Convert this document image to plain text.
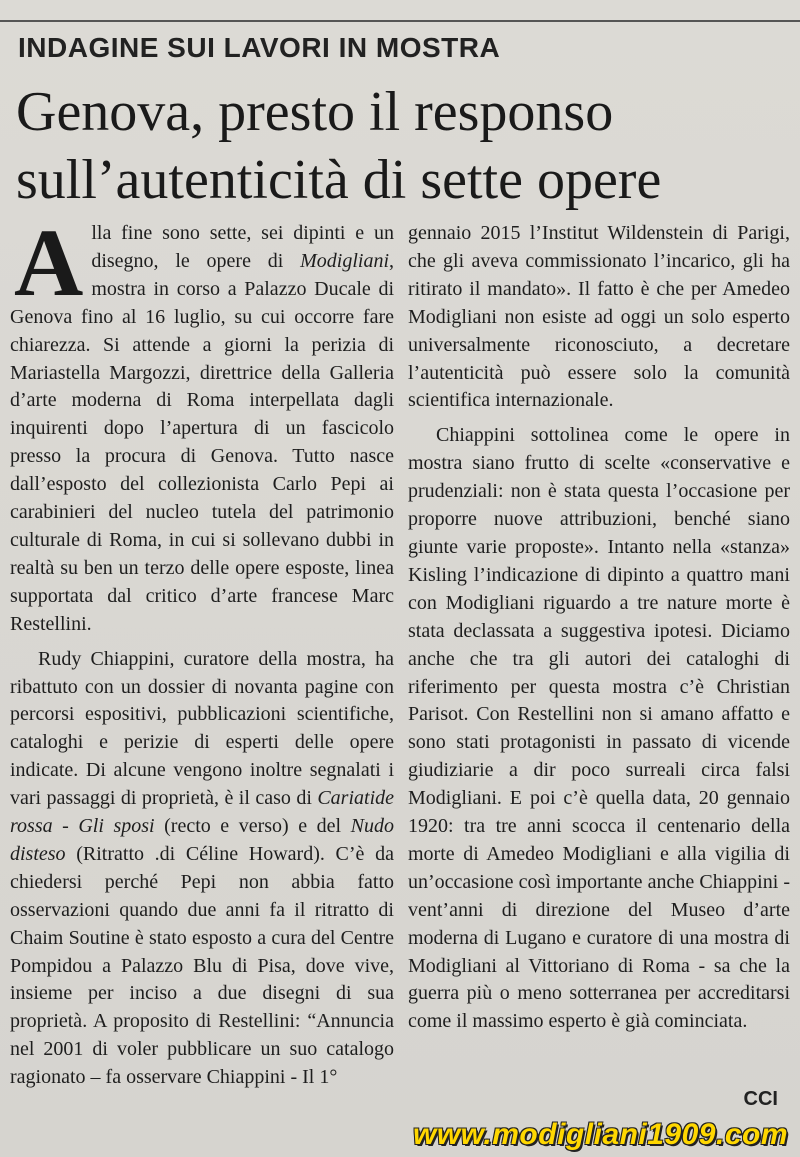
INDAGINE SUI LAVORI IN MOSTRA
Genova, presto il responso
sull’autenticità di sette opere

Alla fine sono sette, sei dipinti e un disegno, le opere di Modigliani, mostra in corso a Palazzo Ducale di Genova fino al 16 luglio, su cui occorre fare chiarezza. Si attende a giorni la perizia di Mariastella Margozzi, direttrice della Galleria d’arte moderna di Roma interpellata dagli inquirenti dopo l’apertura di un fascicolo presso la procura di Genova. Tutto nasce dall’esposto del collezionista Carlo Pepi ai carabinieri del nucleo tutela del patrimonio culturale di Roma, in cui si sollevano dubbi in realtà su ben un terzo delle opere esposte, linea supportata dal critico d’arte francese Marc Restellini.

Rudy Chiappini, curatore della mostra, ha ribattuto con un dossier di novanta pagine con percorsi espositivi, pubblicazioni scientifiche, cataloghi e perizie di esperti delle opere indicate. Di alcune vengono inoltre segnalati i vari passaggi di proprietà, è il caso di Cariatide rossa - Gli sposi (recto e verso) e del Nudo disteso (Ritratto .di Céline Howard). C’è da chiedersi perché Pepi non abbia fatto osservazioni quando due anni fa il ritratto di Chaim Soutine è stato esposto a cura del Centre Pompidou a Palazzo Blu di Pisa, dove vive, insieme per inciso a due disegni di sua proprietà. A proposito di Restellini: “Annuncia nel 2001 di voler pubblicare un suo catalogo ragionato – fa osservare Chiappini - Il 1°

gennaio 2015 l’Institut Wildenstein di Parigi, che gli aveva commissionato l’incarico, gli ha ritirato il mandato». Il fatto è che per Amedeo Modigliani non esiste ad oggi un solo esperto universalmente riconosciuto, a decretare l’autenticità può essere solo la comunità scientifica internazionale.

Chiappini sottolinea come le opere in mostra siano frutto di scelte «conservative e prudenziali: non è stata questa l’occasione per proporre nuove attribuzioni, benché siano giunte varie proposte». Intanto nella «stanza» Kisling l’indicazione di dipinto a quattro mani con Modigliani riguardo a tre nature morte è stata declassata a suggestiva ipotesi. Diciamo anche che tra gli autori dei cataloghi di riferimento per questa mostra c’è Christian Parisot. Con Restellini non si amano affatto e sono stati protagonisti in passato di vicende giudiziarie a dir poco surreali circa falsi Modigliani. E poi c’è quella data, 20 gennaio 1920: tra tre anni scocca il centenario della morte di Amedeo Modigliani e alla vigilia di un’occasione così importante anche Chiappini - vent’anni di direzione del Museo d’arte moderna di Lugano e curatore di una mostra di Modigliani al Vittoriano di Roma - sa che la guerra più o meno sotterranea per accreditarsi come il massimo esperto è già cominciata.

CCI
www.modigliani1909.com
